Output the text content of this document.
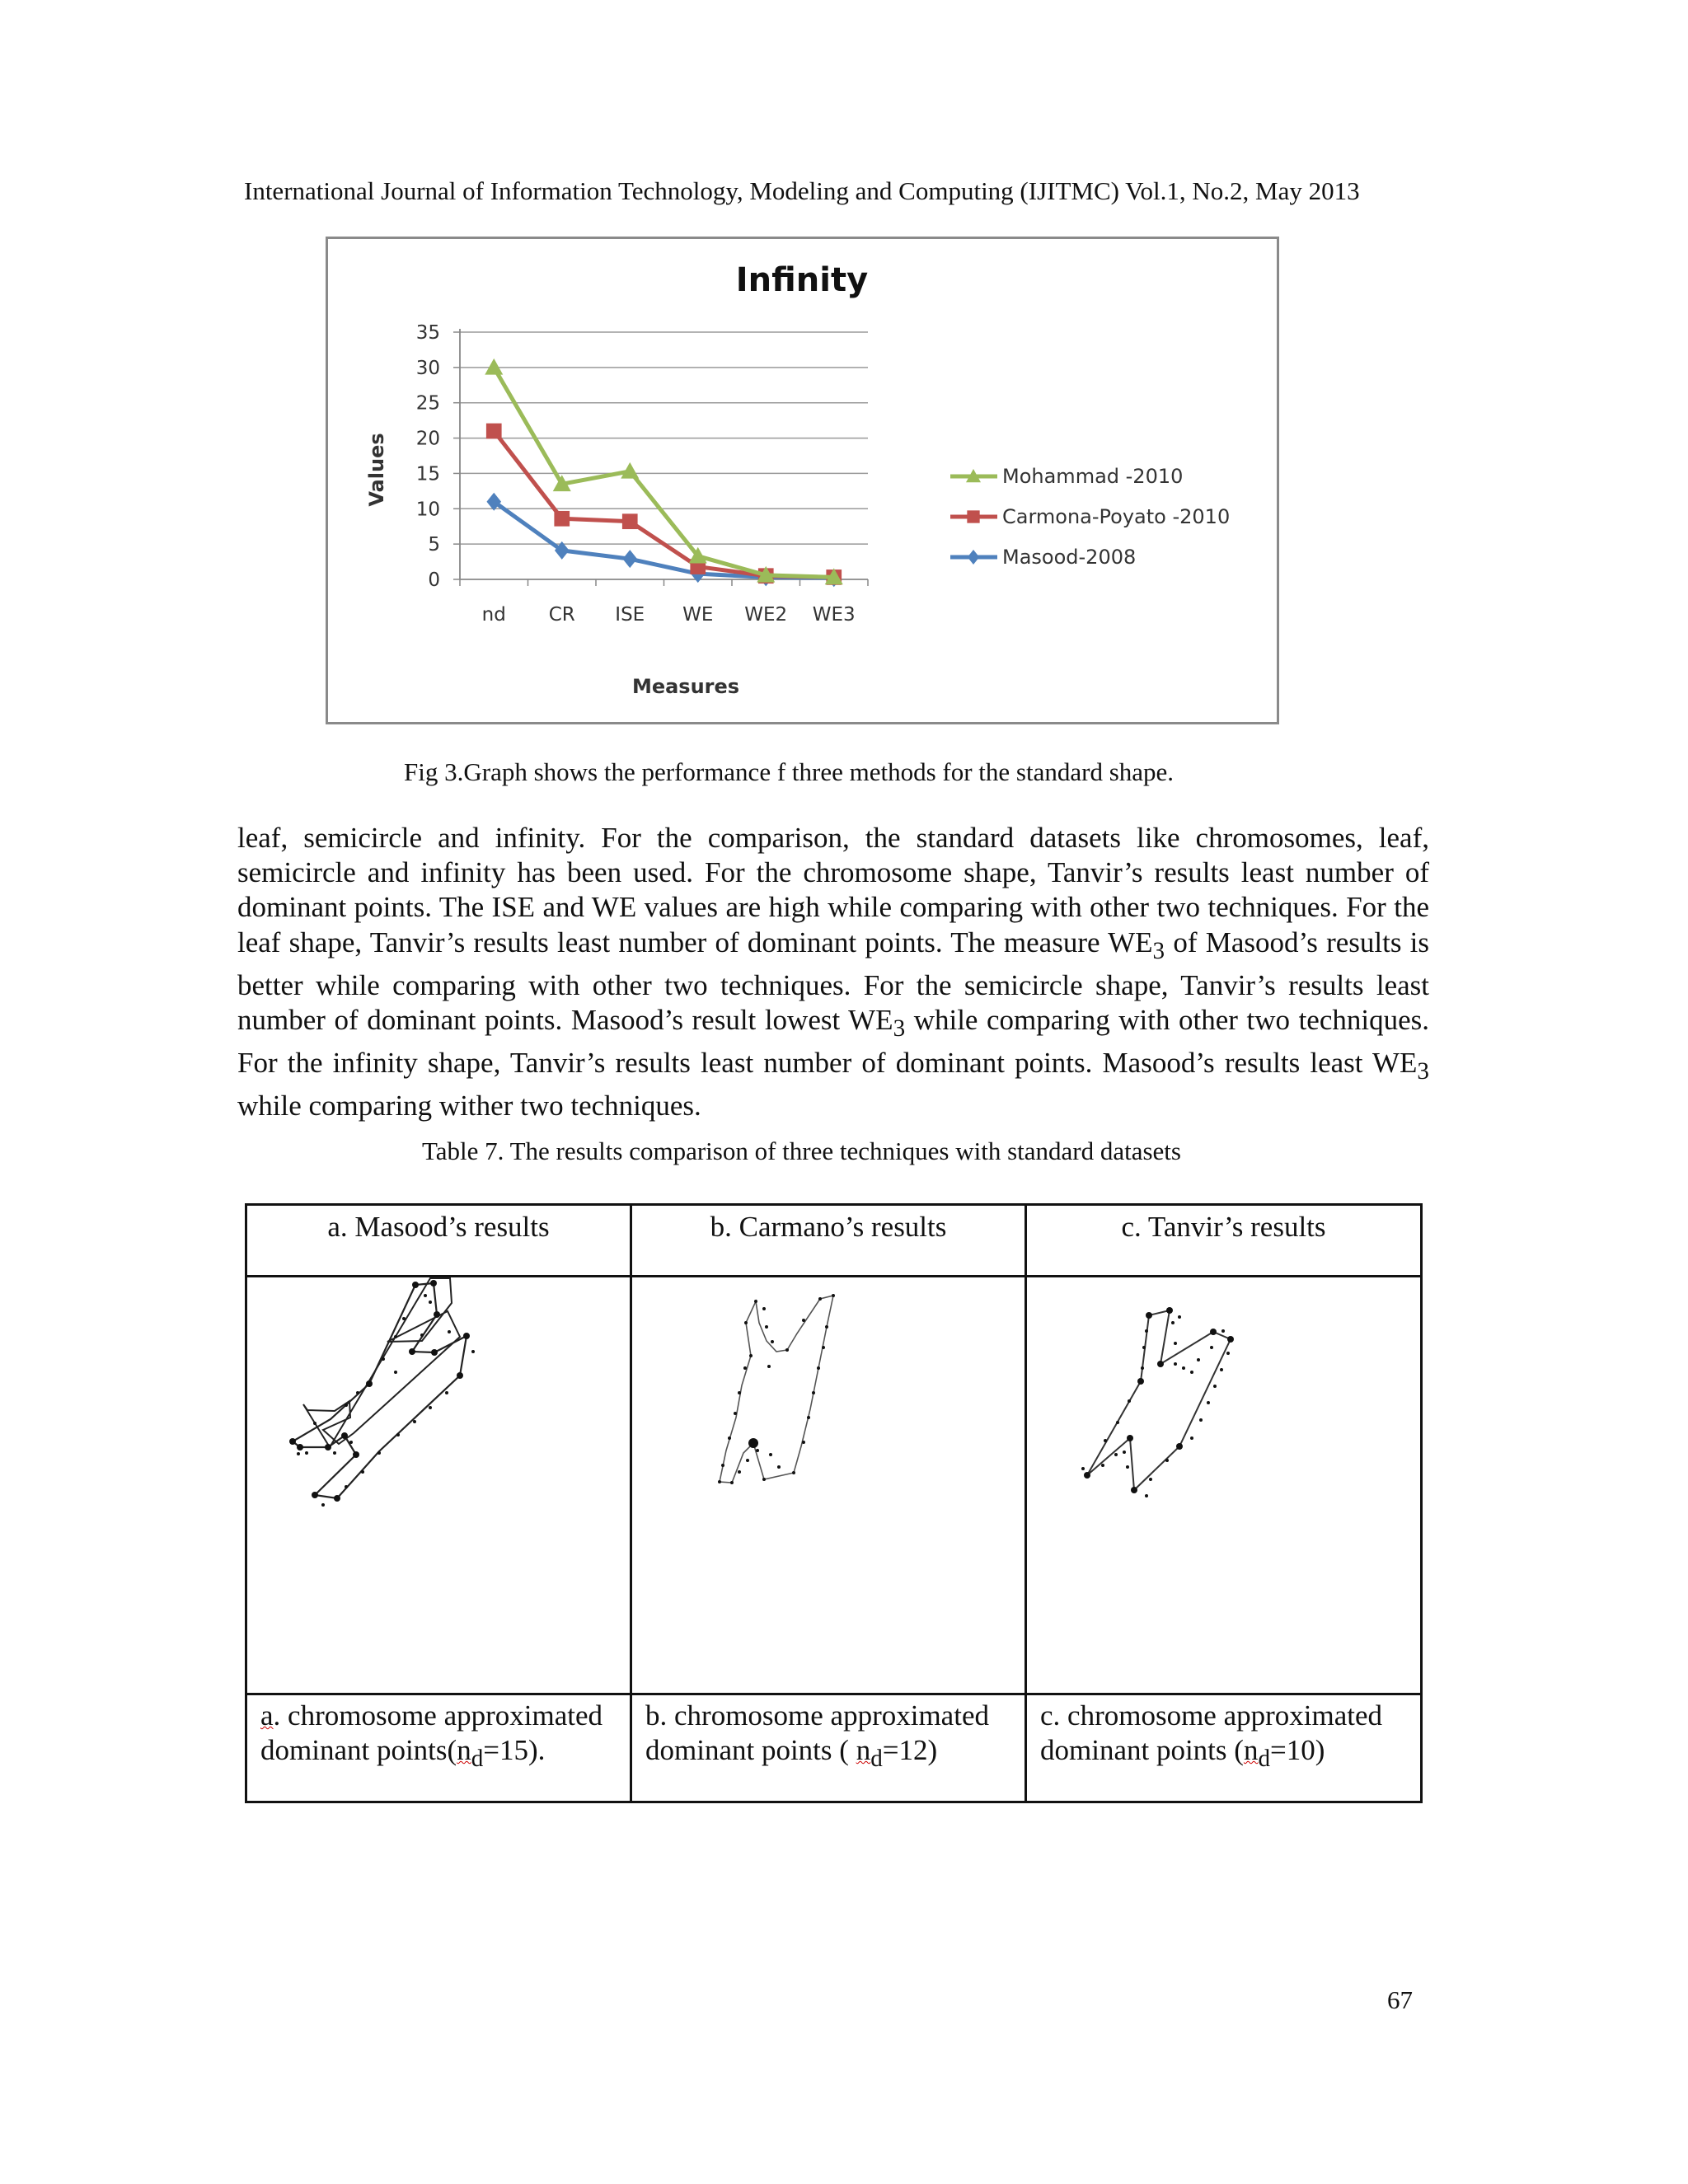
International Journal of Information Technology, Modeling and Computing (IJITMC) Vol.1, No.2, May 2013
Infinity
0
5
10
15
20
25
30
35
nd CR ISE WE WE2 WE3
Values
Measures
Mohammad -2010
Carmona-Poyato -2010
Masood-2008
Fig 3.Graph shows the performance f three methods for the standard shape.

leaf, semicircle and infinity. For the comparison, the standard datasets like chromosomes, leaf, semicircle and infinity has been used. For the chromosome shape, Tanvir’s results least number of dominant points. The ISE and WE values are high while comparing with other two techniques. For the leaf shape, Tanvir’s results least number of dominant points. The measure $WE_3$ of Masood’s results is better while comparing with other two techniques. For the semicircle shape, Tanvir’s results least number of dominant points. Masood’s result lowest $WE_3$ while comparing with other two techniques. For the infinity shape, Tanvir’s results least number of dominant points. Masood’s results least $WE_3$ while comparing wither two techniques.

Table 7. The results comparison of three techniques with standard datasets
a. Masood’s results	b. Carmano’s results	c. Tanvir’s results

a. chromosome approximated dominant $points(n_d=15)$.	b. chromosome approximated dominant points ( $n_d=12$)	c. chromosome approximated dominant points $(n_d=10)$
67
